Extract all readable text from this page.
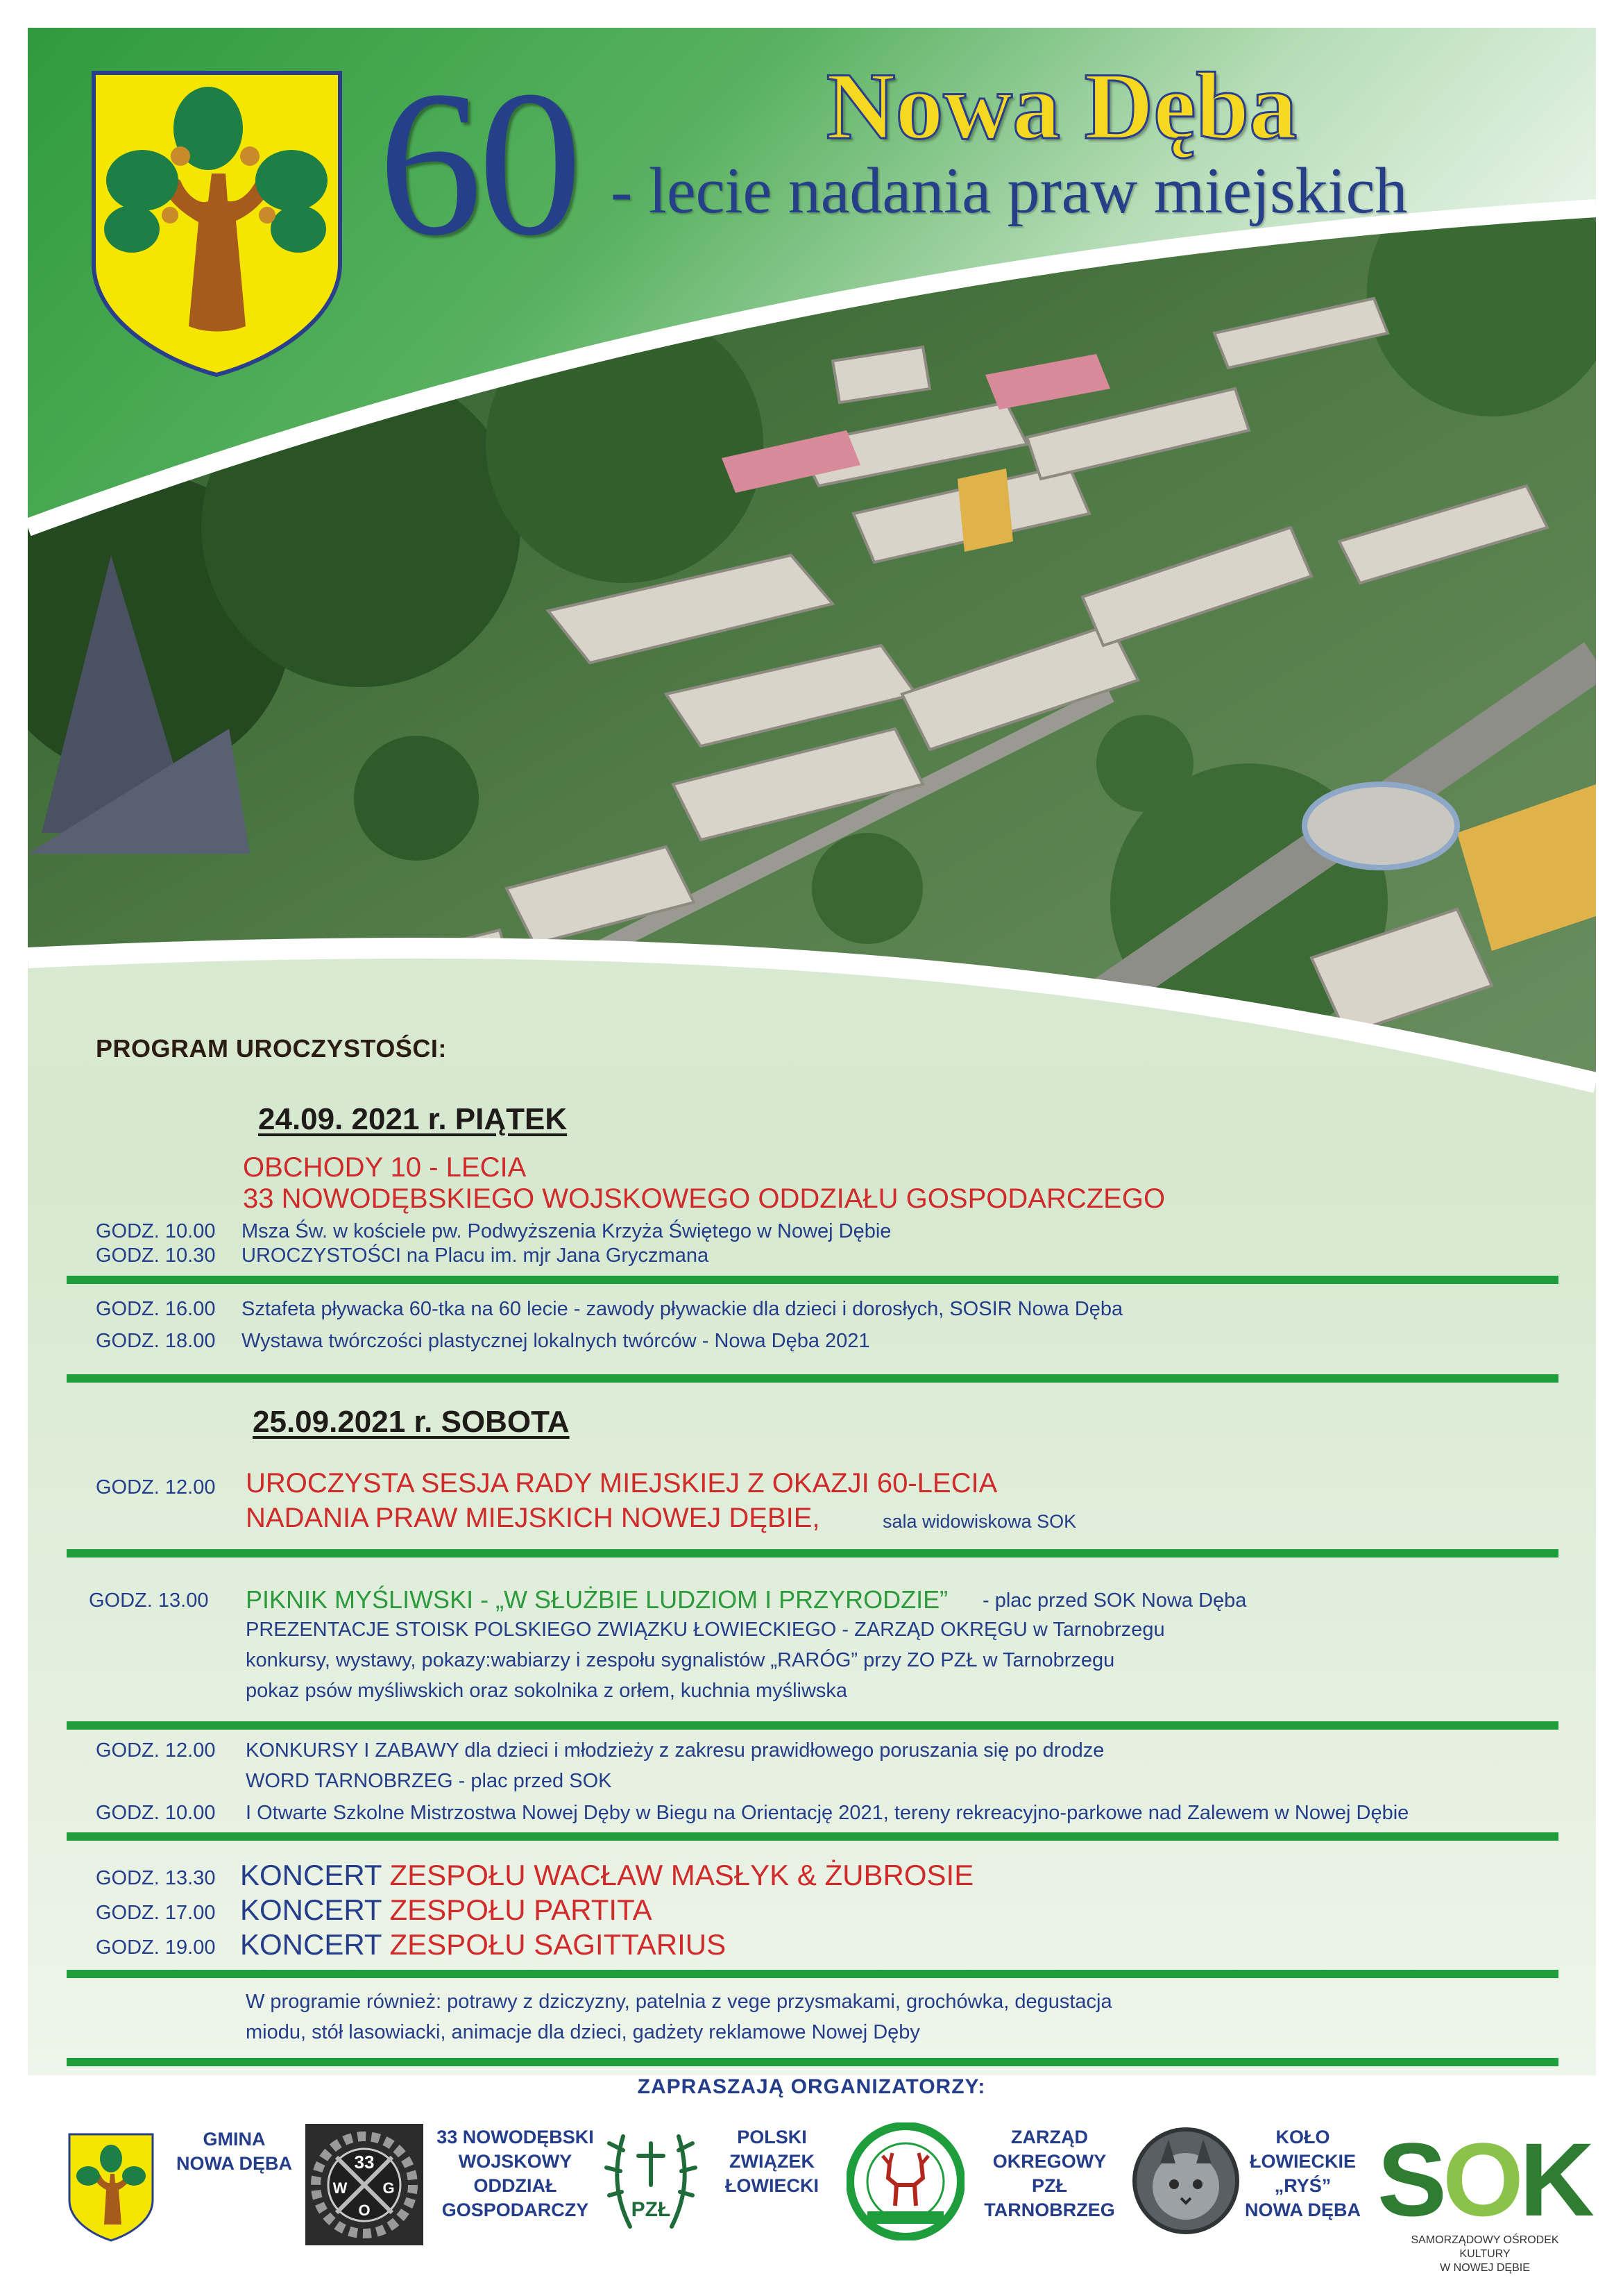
60	Nowa Dęba
- lecie nadania praw miejskich
PROGRAM UROCZYSTOŚCI:
24.09. 2021 r. PIĄTEK
OBCHODY 10 - LECIA
33 NOWODĘBSKIEGO WOJSKOWEGO ODDZIAŁU GOSPODARCZEGO
GODZ. 10.00 Msza Św. w kościele pw. Podwyższenia Krzyża Świętego w Nowej Dębie
GODZ. 10.30 UROCZYSTOŚCI na Placu im. mjr Jana Gryczmana
GODZ. 16.00 Sztafeta pływacka 60-tka na 60 lecie - zawody pływackie dla dzieci i dorosłych, SOSIR Nowa Dęba
GODZ. 18.00 Wystawa twórczości plastycznej lokalnych twórców - Nowa Dęba 2021
25.09.2021 r. SOBOTA
GODZ. 12.00 UROCZYSTA SESJA RADY MIEJSKIEJ Z OKAZJI 60-LECIA
NADANIA PRAW MIEJSKICH NOWEJ DĘBIE,	sala widowiskowa SOK
GODZ. 13.00 PIKNIK MYŚLIWSKI - „W SŁUŻBIE LUDZIOM I PRZYRODZIE” - plac przed SOK Nowa Dęba
PREZENTACJE STOISK POLSKIEGO ZWIĄZKU ŁOWIECKIEGO - ZARZĄD OKRĘGU w Tarnobrzegu
konkursy, wystawy, pokazy:wabiarzy i zespołu sygnalistów „RARÓG” przy ZO PZŁ w Tarnobrzegu
pokaz psów myśliwskich oraz sokolnika z orłem, kuchnia myśliwska
GODZ. 12.00 KONKURSY I ZABAWY dla dzieci i młodzieży z zakresu prawidłowego poruszania się po drodze
WORD TARNOBRZEG - plac przed SOK
GODZ. 10.00 I Otwarte Szkolne Mistrzostwa Nowej Dęby w Biegu na Orientację 2021, tereny rekreacyjno-parkowe nad Zalewem w Nowej Dębie
GODZ. 13.30 KONCERT ZESPOŁU WACŁAW MASŁYK & ŻUBROSIE
GODZ. 17.00 KONCERT ZESPOŁU PARTITA
GODZ. 19.00 KONCERT ZESPOŁU SAGITTARIUS
W programie również: potrawy z dziczyzny, patelnia z vege przysmakami, grochówka, degustacja
miodu, stół lasowiacki, animacje dla dzieci, gadżety reklamowe Nowej Dęby
ZAPRASZAJĄ ORGANIZATORZY:
GMINA
NOWA DĘBA	33
W G
O
33 NOWODĘBSKI
WOJSKOWY
ODDZIAŁ
GOSPODARCZY	PZŁ
POLSKI
ZWIĄZEK
ŁOWIECKI
ZARZĄD
OKREGOWY
PZŁ
TARNOBRZEG
KOŁO
ŁOWIECKIE
„RYŚ”
NOWA DĘBA SOK
SAMORZĄDOWY OŚRODEK KULTURY
W NOWEJ DĘBIE
